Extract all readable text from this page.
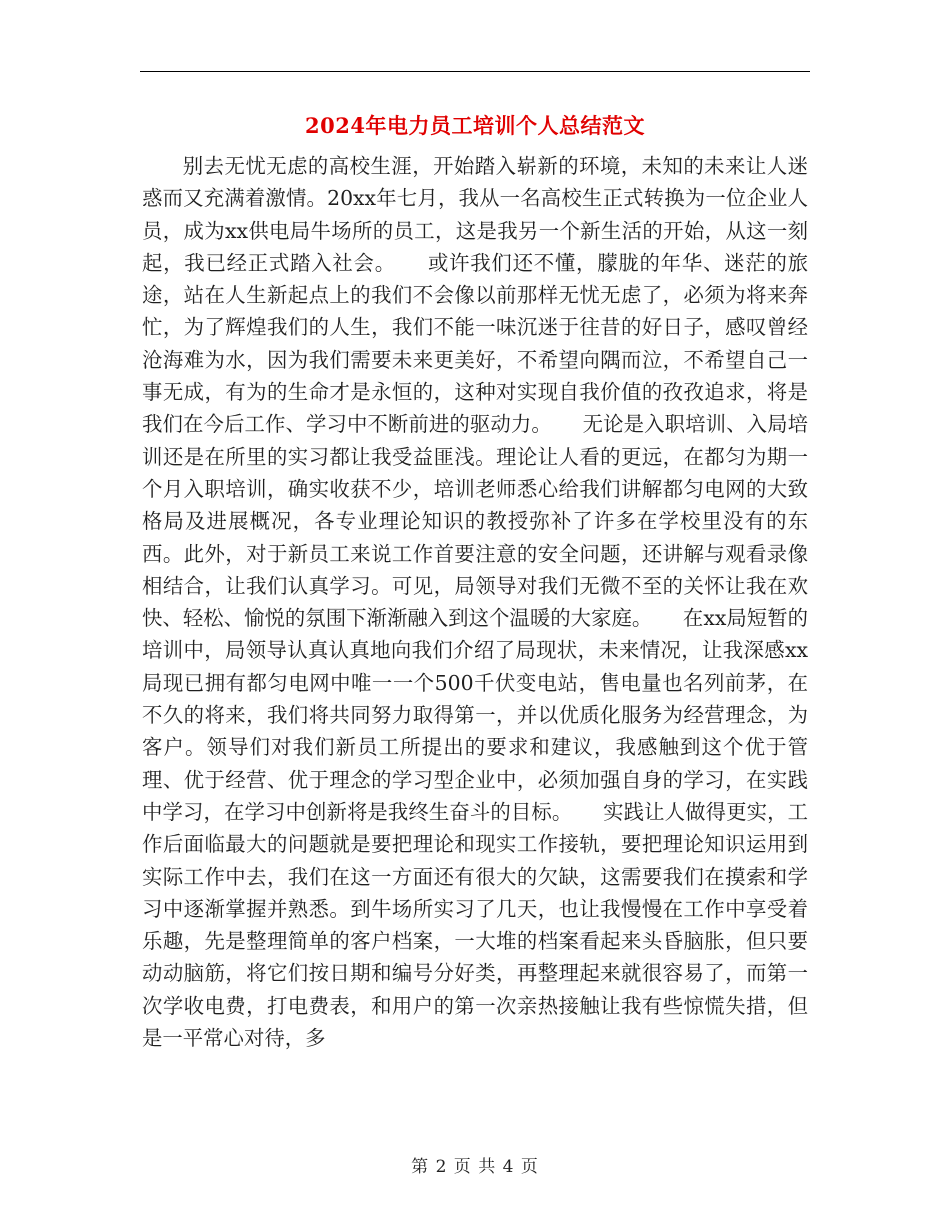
2024年电力员工培训个人总结范文

别去无忧无虑的高校生涯，开始踏入崭新的环境，未知的未来让人迷惑而又充满着激情。20xx年七月，我从一名高校生正式转换为一位企业人员，成为xx供电局牛场所的员工，这是我另一个新生活的开始，从这一刻起，我已经正式踏入社会。　　或许我们还不懂，朦胧的年华、迷茫的旅途，站在人生新起点上的我们不会像以前那样无忧无虑了，必须为将来奔忙，为了辉煌我们的人生，我们不能一味沉迷于往昔的好日子，感叹曾经沧海难为水，因为我们需要未来更美好，不希望向隅而泣，不希望自己一事无成，有为的生命才是永恒的，这种对实现自我价值的孜孜追求，将是我们在今后工作、学习中不断前进的驱动力。　　无论是入职培训、入局培训还是在所里的实习都让我受益匪浅。理论让人看的更远，在都匀为期一个月入职培训，确实收获不少，培训老师悉心给我们讲解都匀电网的大致格局及进展概况，各专业理论知识的教授弥补了许多在学校里没有的东西。此外，对于新员工来说工作首要注意的安全问题，还讲解与观看录像相结合，让我们认真学习。可见，局领导对我们无微不至的关怀让我在欢快、轻松、愉悦的氛围下渐渐融入到这个温暖的大家庭。　　在xx局短暂的培训中，局领导认真认真地向我们介绍了局现状，未来情况，让我深感xx局现已拥有都匀电网中唯一一个500千伏变电站，售电量也名列前茅，在不久的将来，我们将共同努力取得第一，并以优质化服务为经营理念，为客户。领导们对我们新员工所提出的要求和建议，我感触到这个优于管理、优于经营、优于理念的学习型企业中，必须加强自身的学习，在实践中学习，在学习中创新将是我终生奋斗的目标。　　实践让人做得更实，工作后面临最大的问题就是要把理论和现实工作接轨，要把理论知识运用到实际工作中去，我们在这一方面还有很大的欠缺，这需要我们在摸索和学习中逐渐掌握并熟悉。到牛场所实习了几天，也让我慢慢在工作中享受着乐趣，先是整理简单的客户档案，一大堆的档案看起来头昏脑胀，但只要动动脑筋，将它们按日期和编号分好类，再整理起来就很容易了，而第一次学收电费，打电费表，和用户的第一次亲热接触让我有些惊慌失措，但是一平常心对待，多

第 2 页 共 4 页
